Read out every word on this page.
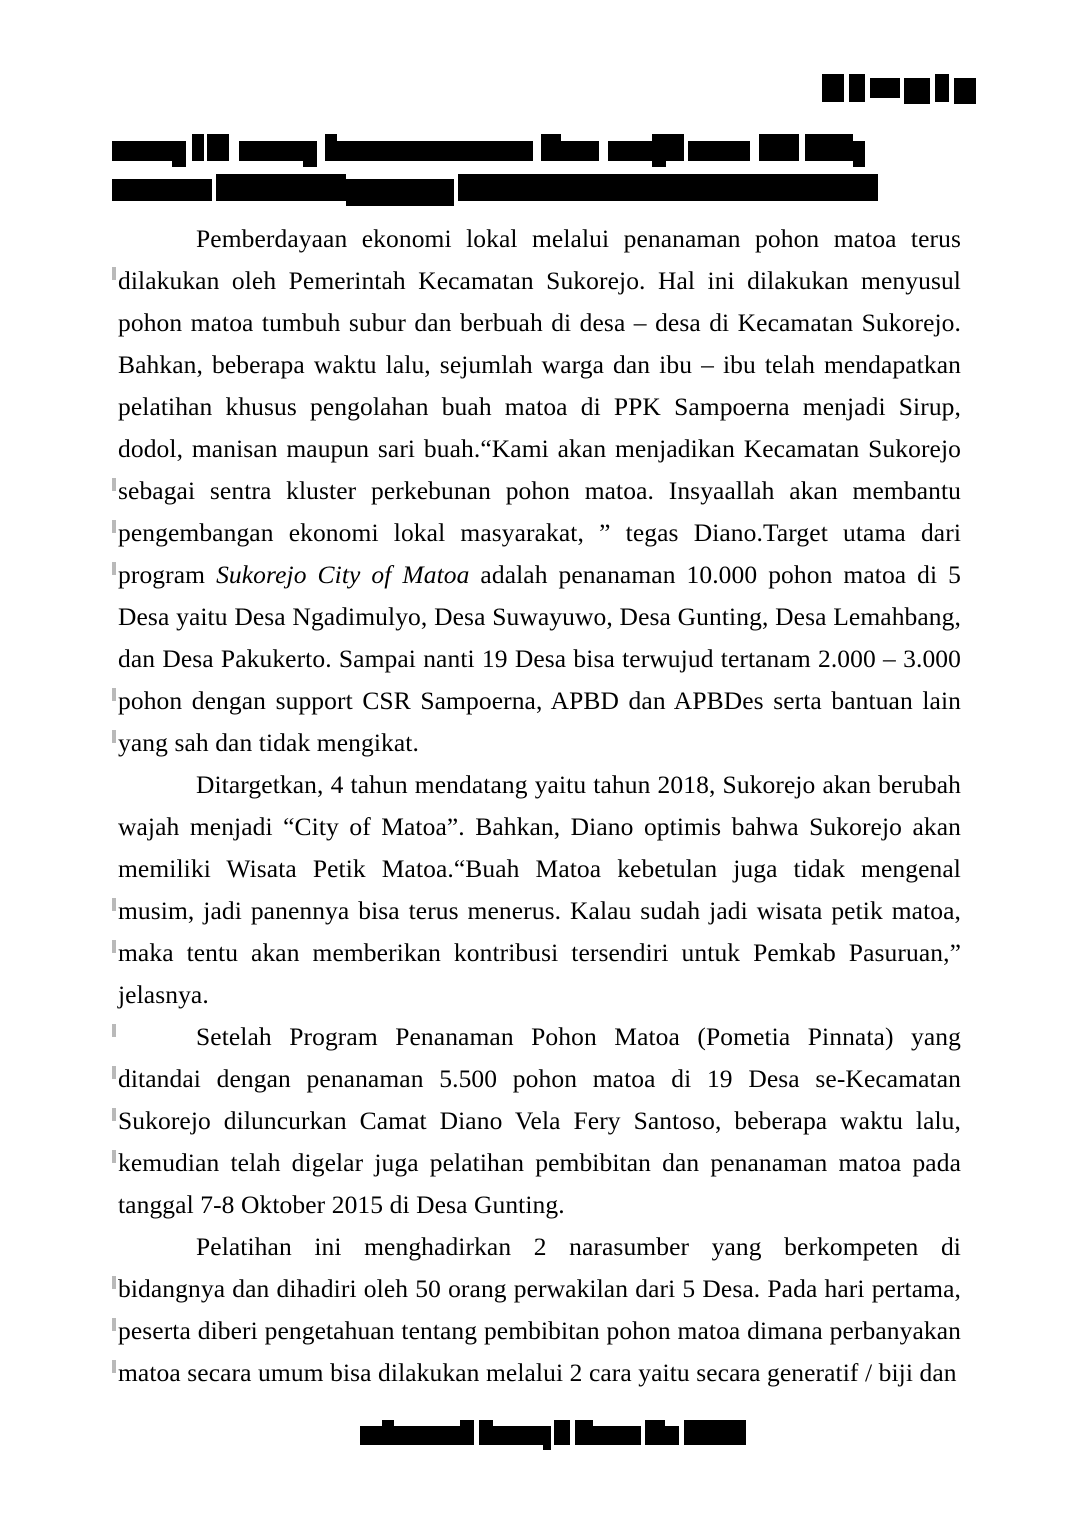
Pemberdayaan ekonomi lokal melalui penanaman pohon matoa terus dilakukan oleh Pemerintah Kecamatan Sukorejo. Hal ini dilakukan menyusul pohon matoa tumbuh subur dan berbuah di desa – desa di Kecamatan Sukorejo. Bahkan, beberapa waktu lalu, sejumlah warga dan ibu – ibu telah mendapatkan pelatihan khusus pengolahan buah matoa di PPK Sampoerna menjadi Sirup, dodol, manisan maupun sari buah.“Kami akan menjadikan Kecamatan Sukorejo sebagai sentra kluster perkebunan pohon matoa. Insyaallah akan membantu pengembangan ekonomi lokal masyarakat, ” tegas Diano.Target utama dari program Sukorejo City of Matoa adalah penanaman 10.000 pohon matoa di 5 Desa yaitu Desa Ngadimulyo, Desa Suwayuwo, Desa Gunting, Desa Lemahbang, dan Desa Pakukerto. Sampai nanti 19 Desa bisa terwujud tertanam 2.000 – 3.000 pohon dengan support CSR Sampoerna, APBD dan APBDes serta bantuan lain yang sah dan tidak mengikat.

Ditargetkan, 4 tahun mendatang yaitu tahun 2018, Sukorejo akan berubah wajah menjadi “City of Matoa”. Bahkan, Diano optimis bahwa Sukorejo akan memiliki Wisata Petik Matoa.“Buah Matoa kebetulan juga tidak mengenal musim, jadi panennya bisa terus menerus. Kalau sudah jadi wisata petik matoa, maka tentu akan memberikan kontribusi tersendiri untuk Pemkab Pasuruan,” jelasnya.

Setelah Program Penanaman Pohon Matoa (Pometia Pinnata) yang ditandai dengan penanaman 5.500 pohon matoa di 19 Desa se-Kecamatan Sukorejo diluncurkan Camat Diano Vela Fery Santoso, beberapa waktu lalu, kemudian telah digelar juga pelatihan pembibitan dan penanaman matoa pada tanggal 7-8 Oktober 2015 di Desa Gunting.

Pelatihan ini menghadirkan 2 narasumber yang berkompeten di bidangnya dan dihadiri oleh 50 orang perwakilan dari 5 Desa. Pada hari pertama, peserta diberi pengetahuan tentang pembibitan pohon matoa dimana perbanyakan matoa secara umum bisa dilakukan melalui 2 cara yaitu secara generatif / biji dan
